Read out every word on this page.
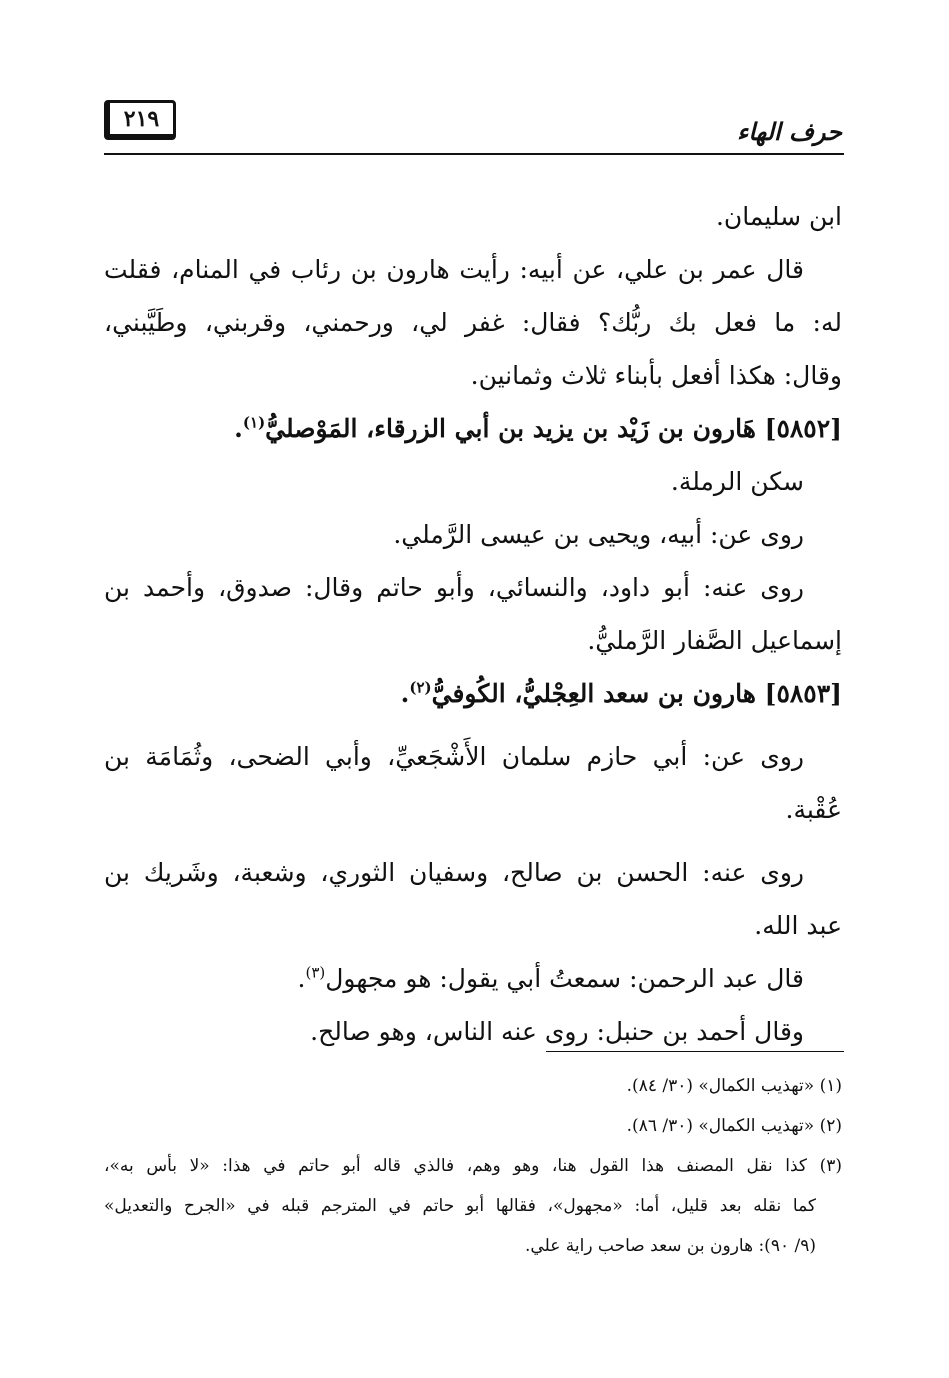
حرف الهاء
٢١٩
ابن سليمان.
قال عمر بن علي، عن أبيه: رأيت هارون بن رئاب في المنام، فقلت
له: ما فعل بك ربُّك؟ فقال: غفر لي، ورحمني، وقربني، وطَيَّبني،
وقال: هكذا أفعل بأبناء ثلاث وثمانين.
[٥٨٥٢] هَارون بن زَيْد بن يزيد بن أبي الزرقاء، المَوْصليُّ$^{(١)}$.
سكن الرملة.
روى عن: أبيه، ويحيى بن عيسى الرَّملي.
روى عنه: أبو داود، والنسائي، وأبو حاتم وقال: صدوق، وأحمد بن
إسماعيل الصَّفار الرَّمليُّ.
[٥٨٥٣] هارون بن سعد العِجْليُّ، الكُوفيُّ$^{(٢)}$.
روى عن: أبي حازم سلمان الأَشْجَعيِّ، وأبي الضحى، وثُمَامَة بن
عُقْبة.
روى عنه: الحسن بن صالح، وسفيان الثوري، وشعبة، وشَريك بن
عبد الله.
قال عبد الرحمن: سمعتُ أبي يقول: هو مجهول$^{(٣)}$.
وقال أحمد بن حنبل: روى عنه الناس، وهو صالح.
(١) «تهذيب الكمال» (٣٠/ ٨٤).
(٢) «تهذيب الكمال» (٣٠/ ٨٦).
(٣) كذا نقل المصنف هذا القول هنا، وهو وهم، فالذي قاله أبو حاتم في هذا: «لا بأس به»،
كما نقله بعد قليل، أما: «مجهول»، فقالها أبو حاتم في المترجم قبله في «الجرح والتعديل»
(٩/ ٩٠): هارون بن سعد صاحب راية علي.
